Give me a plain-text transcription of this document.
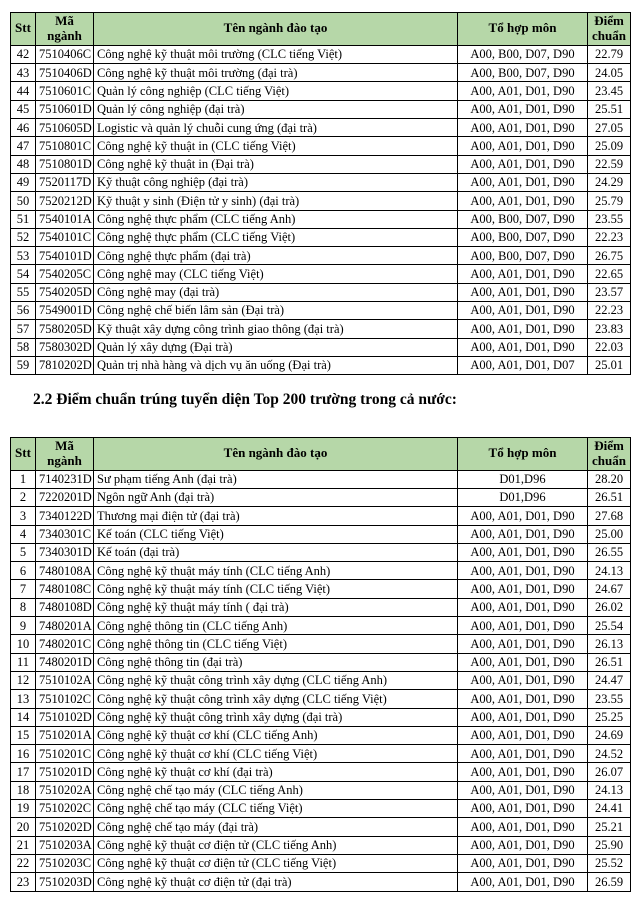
Stt	Mã ngành	Tên ngành đào tạo	Tổ hợp môn	Điểm chuẩn
42	7510406C	Công nghệ kỹ thuật môi trường (CLC tiếng Việt)	A00, B00, D07, D90	22.79
43	7510406D	Công nghệ kỹ thuật môi trường (đại trà)	A00, B00, D07, D90	24.05
44	7510601C	Quản lý công nghiệp (CLC tiếng Việt)	A00, A01, D01, D90	23.45
45	7510601D	Quản lý công nghiệp (đại trà)	A00, A01, D01, D90	25.51
46	7510605D	Logistic và quản lý chuỗi cung ứng (đại trà)	A00, A01, D01, D90	27.05
47	7510801C	Công nghệ kỹ thuật in (CLC tiếng Việt)	A00, A01, D01, D90	25.09
48	7510801D	Công nghệ kỹ thuật in (Đại trà)	A00, A01, D01, D90	22.59
49	7520117D	Kỹ thuật công nghiệp (đại trà)	A00, A01, D01, D90	24.29
50	7520212D	Kỹ thuật y sinh (Điện tử y sinh) (đại trà)	A00, A01, D01, D90	25.79
51	7540101A	Công nghệ thực phẩm (CLC tiếng Anh)	A00, B00, D07, D90	23.55
52	7540101C	Công nghệ thực phẩm (CLC tiếng Việt)	A00, B00, D07, D90	22.23
53	7540101D	Công nghệ thực phẩm (đại trà)	A00, B00, D07, D90	26.75
54	7540205C	Công nghệ may (CLC tiếng Việt)	A00, A01, D01, D90	22.65
55	7540205D	Công nghệ may (đại trà)	A00, A01, D01, D90	23.57
56	7549001D	Công nghệ chế biến lâm sản (Đại trà)	A00, A01, D01, D90	22.23
57	7580205D	Kỹ thuật xây dựng công trình giao thông (đại trà)	A00, A01, D01, D90	23.83
58	7580302D	Quản lý xây dựng (Đại trà)	A00, A01, D01, D90	22.03
59	7810202D	Quản trị nhà hàng và dịch vụ ăn uống (Đại trà)	A00, A01, D01, D07	25.01
2.2 Điểm chuẩn trúng tuyển diện Top 200 trường trong cả nước:
Stt	Mã ngành	Tên ngành đào tạo	Tổ hợp môn	Điểm chuẩn
1	7140231D	Sư phạm tiếng Anh (đại trà)	D01,D96	28.20
2	7220201D	Ngôn ngữ Anh (đại trà)	D01,D96	26.51
3	7340122D	Thương mại điện tử (đại trà)	A00, A01, D01, D90	27.68
4	7340301C	Kế toán (CLC tiếng Việt)	A00, A01, D01, D90	25.00
5	7340301D	Kế toán (đại trà)	A00, A01, D01, D90	26.55
6	7480108A	Công nghệ kỹ thuật máy tính (CLC tiếng Anh)	A00, A01, D01, D90	24.13
7	7480108C	Công nghệ kỹ thuật máy tính (CLC tiếng Việt)	A00, A01, D01, D90	24.67
8	7480108D	Công nghệ kỹ thuật máy tính ( đại trà)	A00, A01, D01, D90	26.02
9	7480201A	Công nghệ thông tin (CLC tiếng Anh)	A00, A01, D01, D90	25.54
10	7480201C	Công nghệ thông tin (CLC tiếng Việt)	A00, A01, D01, D90	26.13
11	7480201D	Công nghệ thông tin (đại trà)	A00, A01, D01, D90	26.51
12	7510102A	Công nghệ kỹ thuật công trình xây dựng (CLC tiếng Anh)	A00, A01, D01, D90	24.47
13	7510102C	Công nghệ kỹ thuật công trình xây dựng (CLC tiếng Việt)	A00, A01, D01, D90	23.55
14	7510102D	Công nghệ kỹ thuật công trình xây dựng (đại trà)	A00, A01, D01, D90	25.25
15	7510201A	Công nghệ kỹ thuật cơ khí (CLC tiếng Anh)	A00, A01, D01, D90	24.69
16	7510201C	Công nghệ kỹ thuật cơ khí (CLC tiếng Việt)	A00, A01, D01, D90	24.52
17	7510201D	Công nghệ kỹ thuật cơ khí (đại trà)	A00, A01, D01, D90	26.07
18	7510202A	Công nghệ chế tạo máy (CLC tiếng Anh)	A00, A01, D01, D90	24.13
19	7510202C	Công nghệ chế tạo máy (CLC tiếng Việt)	A00, A01, D01, D90	24.41
20	7510202D	Công nghệ chế tạo máy (đại trà)	A00, A01, D01, D90	25.21
21	7510203A	Công nghệ kỹ thuật cơ điện tử (CLC tiếng Anh)	A00, A01, D01, D90	25.90
22	7510203C	Công nghệ kỹ thuật cơ điện tử (CLC tiếng Việt)	A00, A01, D01, D90	25.52
23	7510203D	Công nghệ kỹ thuật cơ điện tử (đại trà)	A00, A01, D01, D90	26.59
